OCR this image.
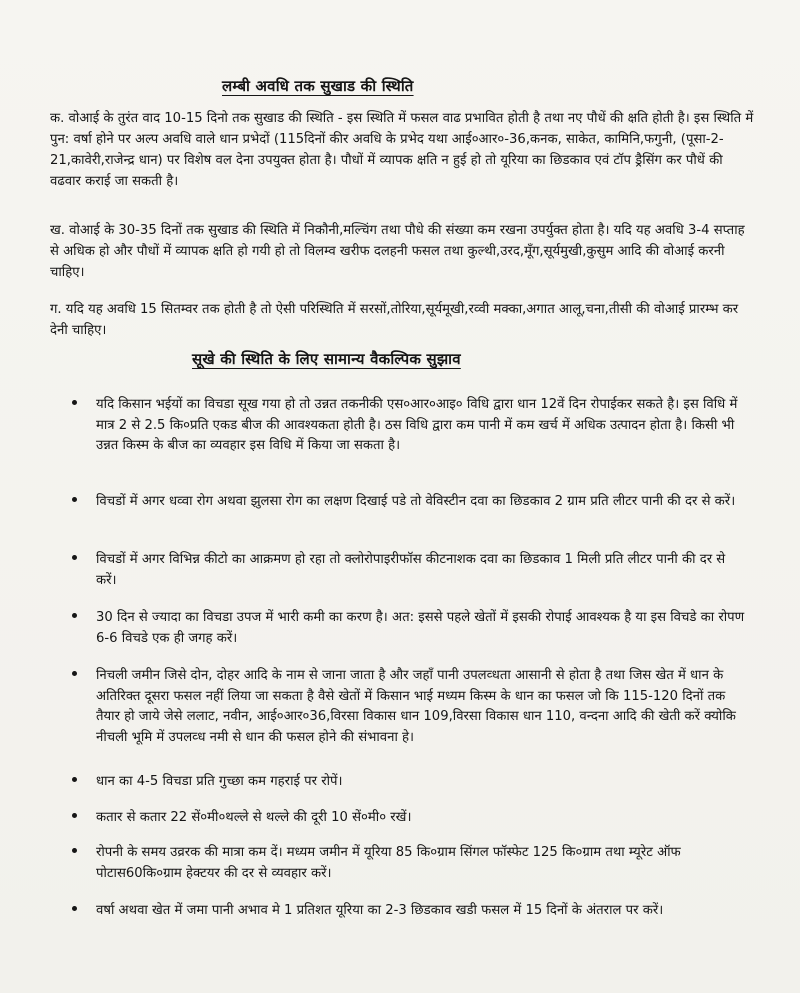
लम्बी अवधि तक सुखाड की स्थिति

क. वोआई के तुरंत वाद 10-15 दिनो तक सुखाड की स्थिति - इस स्थिति में फसल वाढ प्रभावित होती है तथा नए पौधें की क्षति होती है। इस स्थिति में पुन: वर्षा होने पर अल्प अवधि वाले धान प्रभेदों (115दिनों कीर अवधि के प्रभेद यथा आई०आर०-36,कनक, साकेत, कामिनि,फगुनी, (पूसा-2-21,कावेरी,राजेन्द्र धान) पर विशेष वल देना उपयुक्त होता है। पौधों में व्यापक क्षति न हुई हो तो यूरिया का छिडकाव एवं टॉप ड्रैसिंग कर पौधें की वढवार कराई जा सकती है।

ख. वोआई के 30-35 दिनों तक सुखाड की स्थिति में निकौनी,मल्चिंग तथा पौधे की संख्या कम रखना उपर्युक्त होता है। यदि यह अवधि 3-4 सप्ताह से अधिक हो और पौधों में व्यापक क्षति हो गयी हो तो विलम्व खरीफ दलहनी फसल तथा कुल्थी,उरद,मूँग,सूर्यमुखी,कुसुम आदि की वोआई करनी चाहिए।

ग. यदि यह अवधि 15 सितम्वर तक होती है तो ऐसी परिस्थिति में सरसों,तोरिया,सूर्यमूखी,रव्वी मक्का,अगात आलू,चना,तीसी की वोआई प्रारम्भ कर देनी चाहिए।

सूखे की स्थिति के लिए सामान्य वैकल्पिक सुझाव

यदि किसान भईयों का विचडा सूख गया हो तो उन्नत तकनीकी एस०आर०आइ० विधि द्वारा धान 12वें दिन रोपाईकर सकते है। इस विधि में मात्र 2 से 2.5 कि०प्रति एकड बीज की आवश्यकता होती है। ठस विधि द्वारा कम पानी में कम खर्च में अधिक उत्पादन होता है। किसी भी उन्नत किस्म के बीज का व्यवहार इस विधि में किया जा सकता है।

विचडों में अगर धव्वा रोग अथवा झुलसा रोग का लक्षण दिखाई पडे तो वेविस्टीन दवा का छिडकाव 2 ग्राम प्रति लीटर पानी की दर से करें।

विचडों में अगर विभिन्न कीटो का आक्रमण हो रहा तो क्लोरोपाइरीफॉस कीटनाशक दवा का छिडकाव 1 मिली प्रति लीटर पानी की दर से करें।

30 दिन से ज्यादा का विचडा उपज में भारी कमी का करण है। अत: इससे पहले खेतों में इसकी रोपाई आवश्यक है या इस विचडे का रोपण 6-6 विचडे एक ही जगह करें।

निचली जमीन जिसे दोन, दोहर आदि के नाम से जाना जाता है और जहाँ पानी उपलव्धता आसानी से होता है तथा जिस खेत में धान के अतिरिक्त दूसरा फसल नहीं लिया जा सकता है वैसे खेतों में किसान भाई मध्यम किस्म के धान का फसल जो कि 115-120 दिनों तक तैयार हो जाये जेसे ललाट, नवीन, आई०आर०36,विरसा विकास धान 109,विरसा विकास धान 110, वन्दना आदि की खेती करें क्योकि नीचली भूमि में उपलव्ध नमी से धान की फसल होने की संभावना हे।

धान का 4-5 विचडा प्रति गुच्छा कम गहराई पर रोपें।

कतार से कतार 22 सें०मी०थल्ले से थल्ले की दूरी 10 सें०मी० रखें।

रोपनी के समय उव्ररक की मात्रा कम दें। मध्यम जमीन में यूरिया 85 कि०ग्राम सिंगल फॉस्फेट 125 कि०ग्राम तथा म्यूरेट ऑफ पोटास60कि०ग्राम हेक्टयर की दर से व्यवहार करें।

वर्षा अथवा खेत में जमा पानी अभाव मे 1 प्रतिशत यूरिया का 2-3 छिडकाव खडी फसल में 15 दिनों के अंतराल पर करें।
